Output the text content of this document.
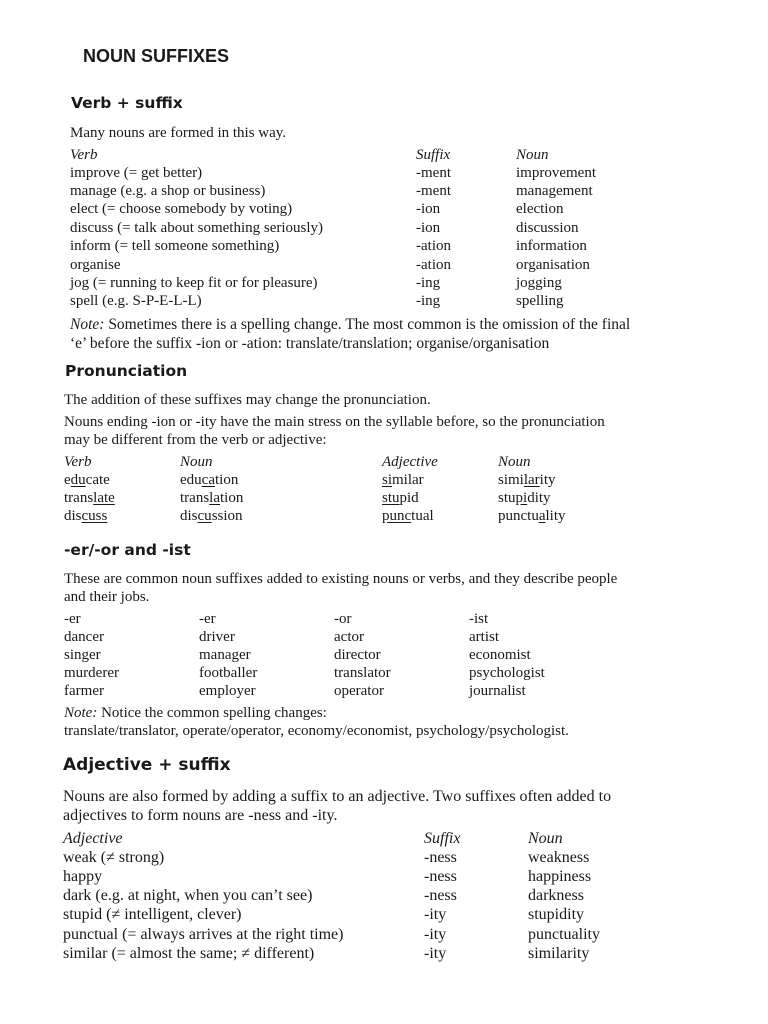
NOUN SUFFIXES
Verb + suffix
Many nouns are formed in this way.
Verb	Suffix	Noun
improve (= get better)	-ment	improvement
manage (e.g. a shop or business)	-ment	management
elect (= choose somebody by voting)	-ion	election
discuss (= talk about something seriously)	-ion	discussion
inform (= tell someone something)	-ation	information
organise	-ation	organisation
jog (= running to keep fit or for pleasure)	-ing	jogging
spell (e.g. S-P-E-L-L)	-ing	spelling
Note: Sometimes there is a spelling change. The most common is the omission of the final
‘e’ before the suffix -ion or -ation: translate/translation; organise/organisation
Pronunciation
The addition of these suffixes may change the pronunciation.
Nouns ending -ion or -ity have the main stress on the syllable before, so the pronunciation
may be different from the verb or adjective:
Verb	Noun	Adjective	Noun
educate	education	similar	similarity
translate	translation	stupid	stupidity
discuss	discussion	punctual	punctuality
-er/-or and -ist
These are common noun suffixes added to existing nouns or verbs, and they describe people
and their jobs.
-er	-er	-or	-ist
dancer	driver	actor	artist
singer	manager	director	economist
murderer	footballer	translator	psychologist
farmer	employer	operator	journalist
Note: Notice the common spelling changes:
translate/translator, operate/operator, economy/economist, psychology/psychologist.
Adjective + suffix
Nouns are also formed by adding a suffix to an adjective. Two suffixes often added to
adjectives to form nouns are -ness and -ity.
Adjective	Suffix	Noun
weak (≠ strong)	-ness	weakness
happy	-ness	happiness
dark (e.g. at night, when you can’t see)	-ness	darkness
stupid (≠ intelligent, clever)	-ity	stupidity
punctual (= always arrives at the right time)	-ity	punctuality
similar (= almost the same; ≠ different)	-ity	similarity
